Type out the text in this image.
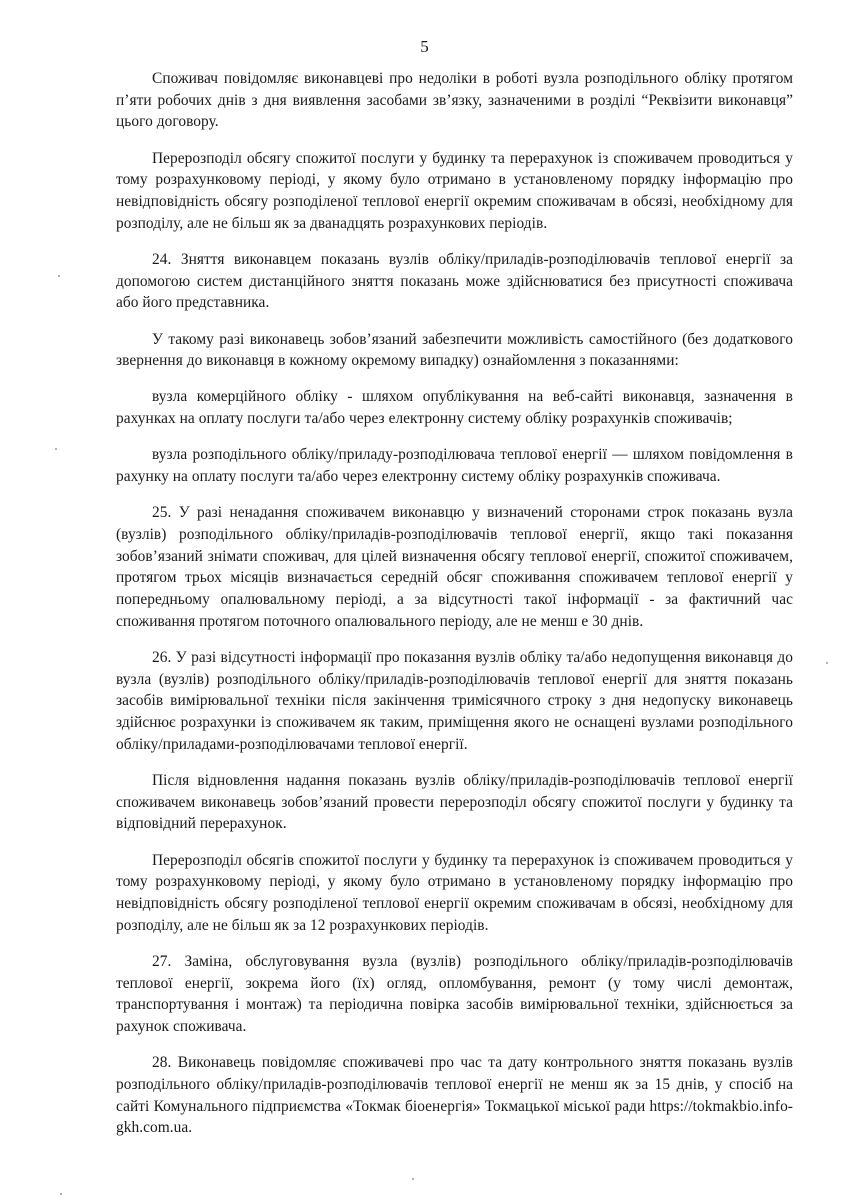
5

Споживач повідомляє виконавцеві про недоліки в роботі вузла розподільного обліку протягом п’яти робочих днів з дня виявлення засобами зв’язку, зазначеними в розділі “Реквізити виконавця” цього договору.

Перерозподіл обсягу спожитої послуги у будинку та перерахунок із споживачем проводиться у тому розрахунковому періоді, у якому було отримано в установленому порядку інформацію про невідповідність обсягу розподіленої теплової енергії окремим споживачам в обсязі, необхідному для розподілу, але не більш як за дванадцять розрахункових періодів.

24. Зняття виконавцем показань вузлів обліку/приладів-розподілювачів теплової енергії за допомогою систем дистанційного зняття показань може здійснюватися без присутності споживача або його представника.

У такому разі виконавець зобов’язаний забезпечити можливість самостійного (без додаткового звернення до виконавця в кожному окремому випадку) ознайомлення з показаннями:

вузла комерційного обліку - шляхом опублікування на веб-сайті виконавця, зазначення в рахунках на оплату послуги та/або через електронну систему обліку розрахунків споживачів;

вузла розподільного обліку/приладу-розподілювача теплової енергії — шляхом повідомлення в рахунку на оплату послуги та/або через електронну систему обліку розрахунків споживача.

25. У разі ненадання споживачем виконавцю у визначений сторонами строк показань вузла (вузлів) розподільного обліку/приладів-розподілювачів теплової енергії, якщо такі показання зобов’язаний знімати споживач, для цілей визначення обсягу теплової енергії, спожитої споживачем, протягом трьох місяців визначається середній обсяг споживання споживачем теплової енергії у попередньому опалювальному періоді, а за відсутності такої інформації - за фактичний час споживання протягом поточного опалювального періоду, але не менш е 30 днів.

26. У разі відсутності інформації про показання вузлів обліку та/або недопущення виконавця до вузла (вузлів) розподільного обліку/приладів-розподілювачів теплової енергії для зняття показань засобів вимірювальної техніки після закінчення тримісячного строку з дня недопуску виконавець здійснює розрахунки із споживачем як таким, приміщення якого не оснащені вузлами розподільного обліку/приладами-розподілювачами теплової енергії.

Після відновлення надання показань вузлів обліку/приладів-розподілювачів теплової енергії споживачем виконавець зобов’язаний провести перерозподіл обсягу спожитої послуги у будинку та відповідний перерахунок.

Перерозподіл обсягів спожитої послуги у будинку та перерахунок із споживачем проводиться у тому розрахунковому періоді, у якому було отримано в установленому порядку інформацію про невідповідність обсягу розподіленої теплової енергії окремим споживачам в обсязі, необхідному для розподілу, але не більш як за 12 розрахункових періодів.

27. Заміна, обслуговування вузла (вузлів) розподільного обліку/приладів-розподілювачів теплової енергії, зокрема його (їх) огляд, опломбування, ремонт (у тому числі демонтаж, транспортування і монтаж) та періодична повірка засобів вимірювальної техніки, здійснюється за рахунок споживача.

28. Виконавець повідомляє споживачеві про час та дату контрольного зняття показань вузлів розподільного обліку/приладів-розподілювачів теплової енергії не менш як за 15 днів, у спосіб на сайті Комунального підприємства «Токмак біоенергія» Токмацької міської ради https://tokmakbio.info-gkh.com.ua.
